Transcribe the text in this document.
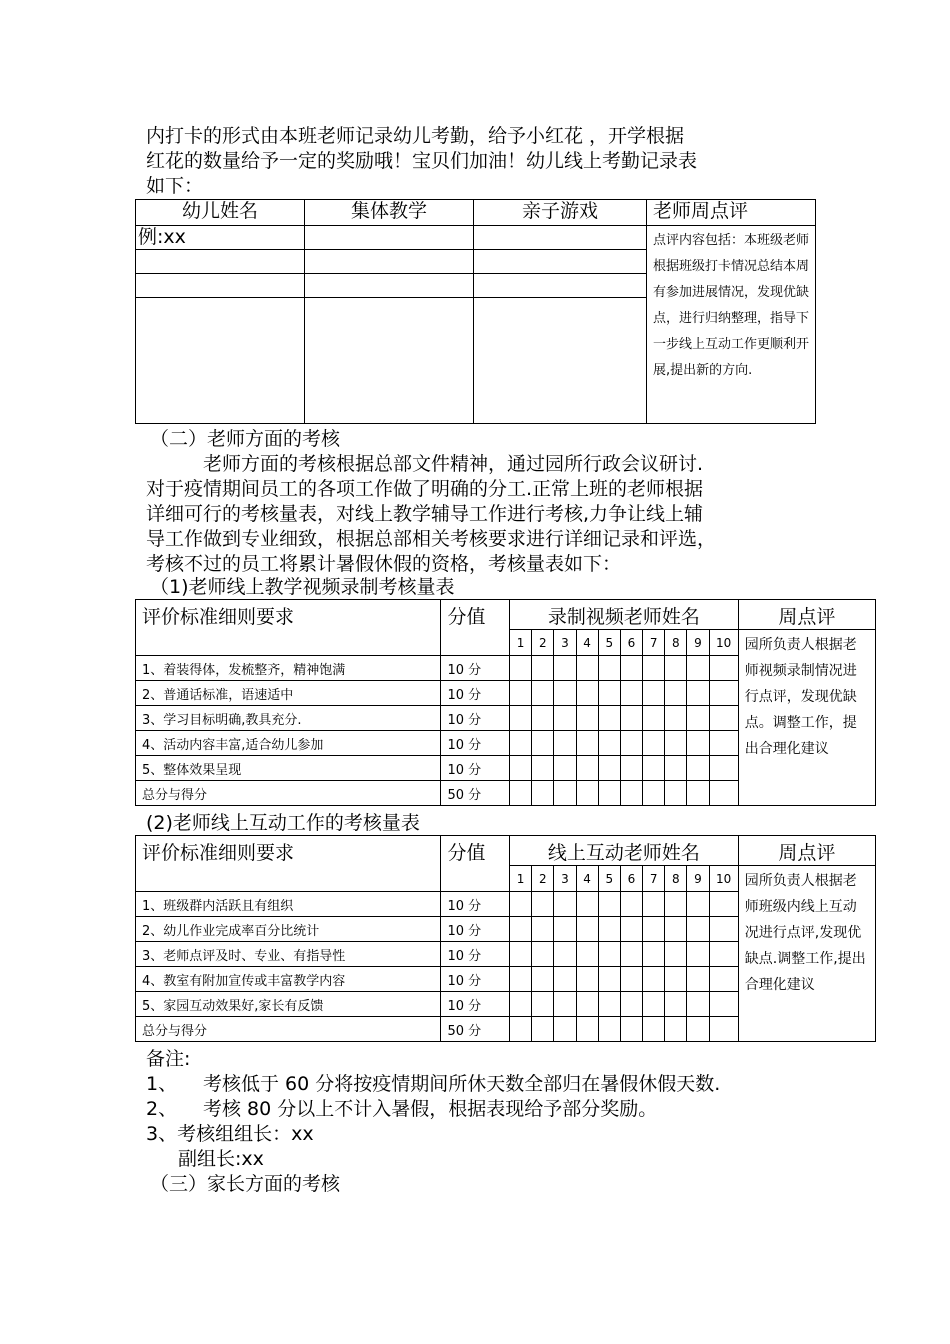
内打卡的形式由本班老师记录幼儿考勤，给予小红花 ，开学根据
红花的数量给予一定的奖励哦！宝贝们加油！幼儿线上考勤记录表
如下：
幼儿姓名	集体教学	亲子游戏	老师周点评
例:xx			点评内容包括：本班级老师根据班级打卡情况总结本周有参加进展情况，发现优缺点，进行归纳整理，指导下一步线上互动工作更顺利开展,提出新的方向.

（二）老师方面的考核
老师方面的考核根据总部文件精神，通过园所行政会议研讨.
对于疫情期间员工的各项工作做了明确的分工.正常上班的老师根据
详细可行的考核量表，对线上教学辅导工作进行考核,力争让线上辅
导工作做到专业细致，根据总部相关考核要求进行详细记录和评选，
考核不过的员工将累计暑假休假的资格，考核量表如下：
（1)老师线上教学视频录制考核量表
评价标准细则要求	分值	录制视频老师姓名										周点评
		1	2	3	4	5	6	7	8	9	10	园所负责人根据老师视频录制情况进行点评，发现优缺点。调整工作，提出合理化建议
1、着装得体，发梳整齐，精神饱满	10 分											
2、普通话标准，语速适中	10 分											
3、学习目标明确,教具充分.	10 分											
4、活动内容丰富,适合幼儿参加	10 分											
5、整体效果呈现	10 分											
总分与得分	50 分											
(2)老师线上互动工作的考核量表
评价标准细则要求	分值	线上互动老师姓名										周点评
		1	2	3	4	5	6	7	8	9	10	园所负责人根据老师班级内线上互动况进行点评,发现优缺点.调整工作,提出合理化建议
1、班级群内活跃且有组织	10 分											
2、幼儿作业完成率百分比统计	10 分											
3、老师点评及时、专业、有指导性	10 分											
4、教室有附加宣传或丰富教学内容	10 分											
5、家园互动效果好,家长有反馈	10 分											
总分与得分	50 分											
备注:
1、 考核低于 60 分将按疫情期间所休天数全部归在暑假休假天数.
2、 考核 80 分以上不计入暑假，根据表现给予部分奖励。
3、考核组组长：xx
副组长:xx
（三）家长方面的考核
